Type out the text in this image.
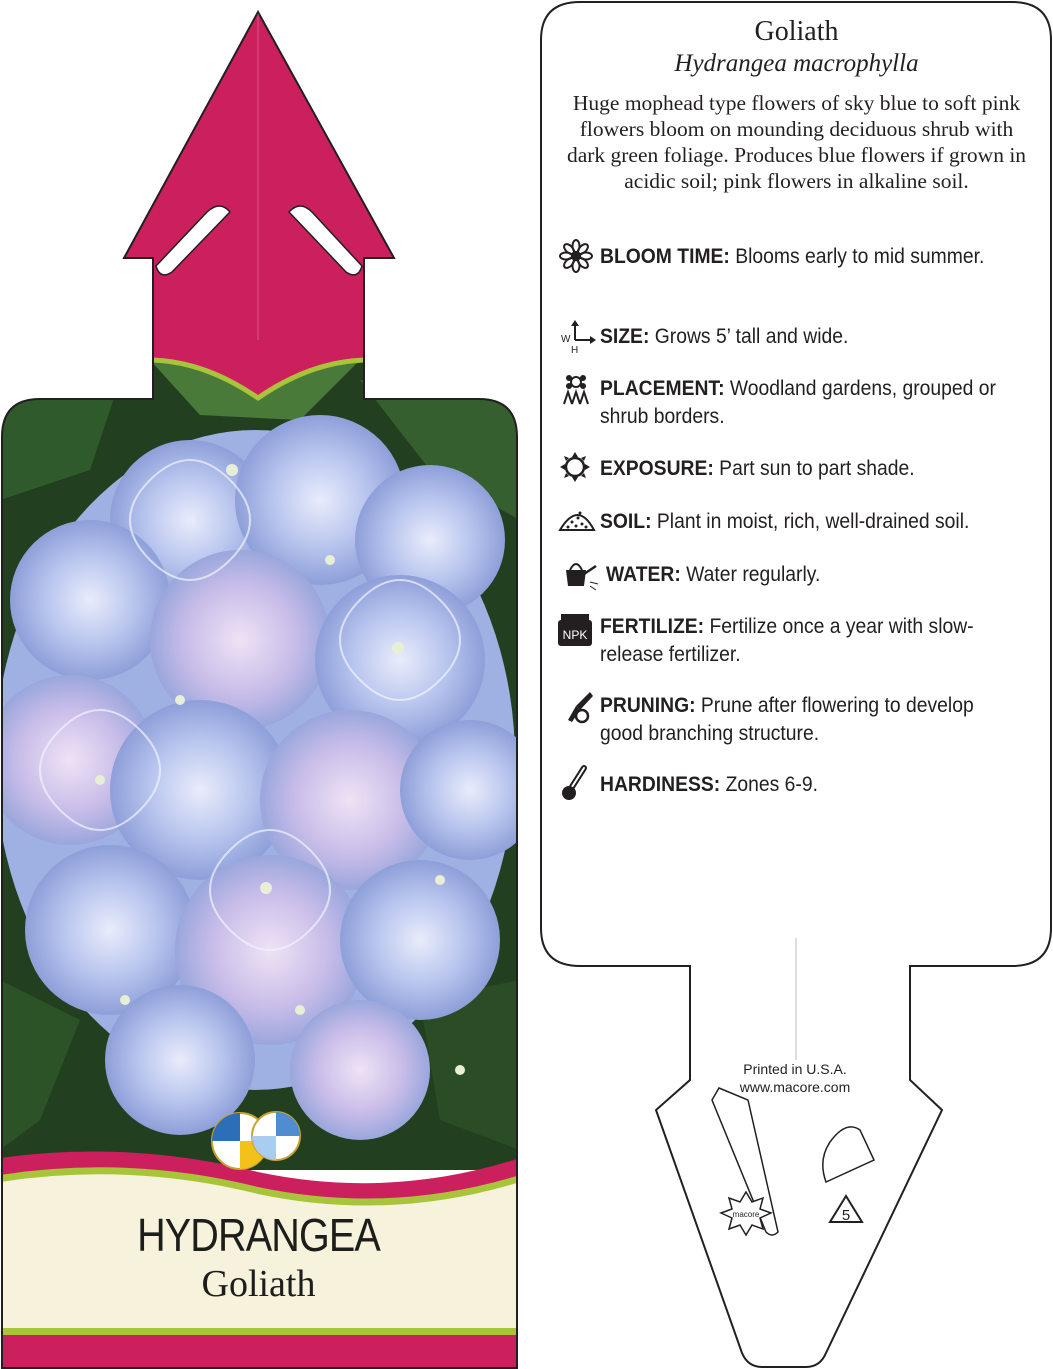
HYDRANGEA
Goliath
macore	5
W
H
NPK
Goliath
Hydrangea macrophylla
Huge mophead type flowers of sky blue to soft pink flowers bloom on mounding deciduous shrub with dark green foliage. Produces blue flowers if grown in acidic soil; pink flowers in alkaline soil.
BLOOM TIME: Blooms early to mid summer.
SIZE: Grows 5’ tall and wide.
PLACEMENT: Woodland gardens, grouped or shrub borders.
EXPOSURE: Part sun to part shade.
SOIL: Plant in moist, rich, well-drained soil.
WATER: Water regularly.
FERTILIZE: Fertilize once a year with slow-release fertilizer.
PRUNING: Prune after flowering to develop good branching structure.
HARDINESS: Zones 6-9.
Printed in U.S.A.
www.macore.com
